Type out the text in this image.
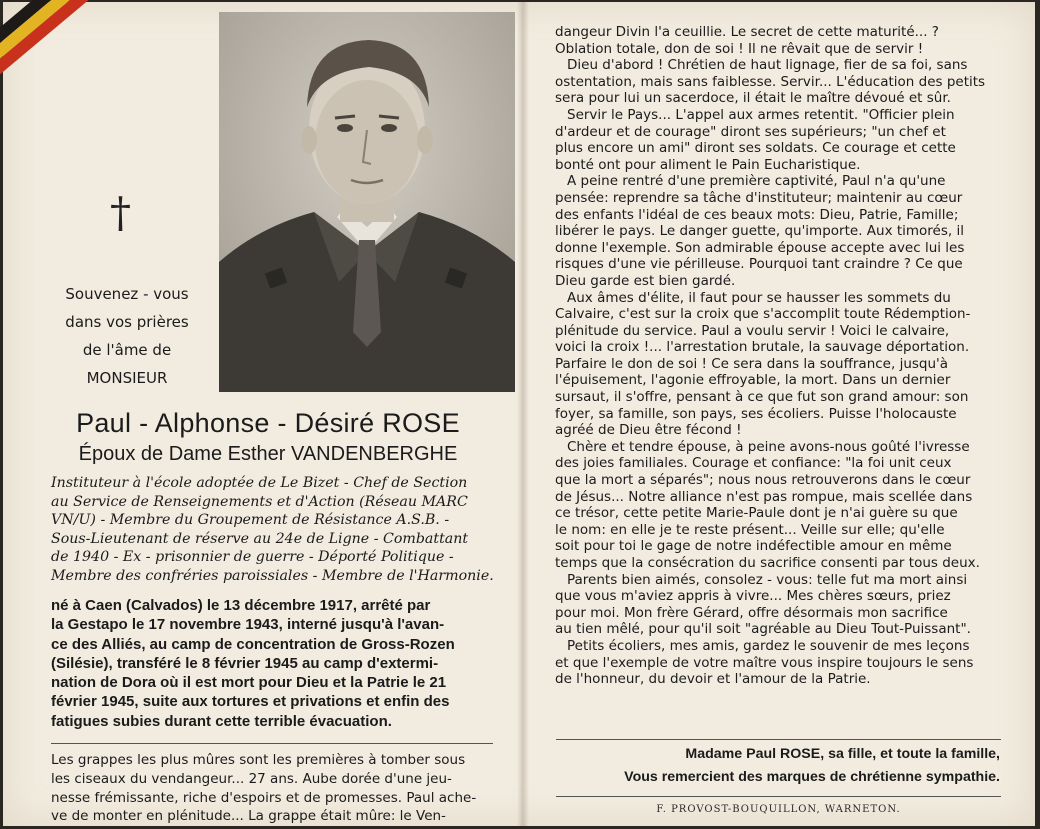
†
Souvenez - vous
dans vos prières
de l'âme de
MONSIEUR
Paul - Alphonse - Désiré ROSE
Époux de Dame Esther VANDENBERGHE
Instituteur à l'école adoptée de Le Bizet - Chef de Section
au Service de Renseignements et d'Action (Réseau MARC
VN/U) - Membre du Groupement de Résistance A.S.B. -
Sous-Lieutenant de réserve au 24e de Ligne - Combattant
de 1940 - Ex - prisonnier de guerre - Déporté Politique -
Membre des confréries paroissiales - Membre de l'Harmonie.
né à Caen (Calvados) le 13 décembre 1917, arrêté par
la Gestapo le 17 novembre 1943, interné jusqu'à l'avan-
ce des Alliés, au camp de concentration de Gross-Rozen
(Silésie), transféré le 8 février 1945 au camp d'extermi-
nation de Dora où il est mort pour Dieu et la Patrie le 21
février 1945, suite aux tortures et privations et enfin des
fatigues subies durant cette terrible évacuation.
Les grappes les plus mûres sont les premières à tomber sous
les ciseaux du vendangeur... 27 ans. Aube dorée d'une jeu-
nesse frémissante, riche d'espoirs et de promesses. Paul ache-
ve de monter en plénitude... La grappe était mûre: le Ven-

dangeur Divin l'a ceuillie. Le secret de cette maturité... ?
Oblation totale, don de soi ! Il ne rêvait que de servir !

Dieu d'abord ! Chrétien de haut lignage, fier de sa foi, sans
ostentation, mais sans faiblesse. Servir... L'éducation des petits
sera pour lui un sacerdoce, il était le maître dévoué et sûr.

Servir le Pays... L'appel aux armes retentit. "Officier plein
d'ardeur et de courage" diront ses supérieurs; "un chef et
plus encore un ami" diront ses soldats. Ce courage et cette
bonté ont pour aliment le Pain Eucharistique.

A peine rentré d'une première captivité, Paul n'a qu'une
pensée: reprendre sa tâche d'instituteur; maintenir au cœur
des enfants l'idéal de ces beaux mots: Dieu, Patrie, Famille;
libérer le pays. Le danger guette, qu'importe. Aux timorés, il
donne l'exemple. Son admirable épouse accepte avec lui les
risques d'une vie périlleuse. Pourquoi tant craindre ? Ce que
Dieu garde est bien gardé.

Aux âmes d'élite, il faut pour se hausser les sommets du
Calvaire, c'est sur la croix que s'accomplit toute Rédemption-
plénitude du service. Paul a voulu servir ! Voici le calvaire,
voici la croix !... l'arrestation brutale, la sauvage déportation.
Parfaire le don de soi ! Ce sera dans la souffrance, jusqu'à
l'épuisement, l'agonie effroyable, la mort. Dans un dernier
sursaut, il s'offre, pensant à ce que fut son grand amour: son
foyer, sa famille, son pays, ses écoliers. Puisse l'holocauste
agréé de Dieu être fécond !

Chère et tendre épouse, à peine avons-nous goûté l'ivresse
des joies familiales. Courage et confiance: "la foi unit ceux
que la mort a séparés"; nous nous retrouverons dans le cœur
de Jésus... Notre alliance n'est pas rompue, mais scellée dans
ce trésor, cette petite Marie-Paule dont je n'ai guère su que
le nom: en elle je te reste présent... Veille sur elle; qu'elle
soit pour toi le gage de notre indéfectible amour en même
temps que la consécration du sacrifice consenti par tous deux.

Parents bien aimés, consolez - vous: telle fut ma mort ainsi
que vous m'aviez appris à vivre... Mes chères sœurs, priez
pour moi. Mon frère Gérard, offre désormais mon sacrifice
au tien mêlé, pour qu'il soit "agréable au Dieu Tout-Puissant".

Petits écoliers, mes amis, gardez le souvenir de mes leçons
et que l'exemple de votre maître vous inspire toujours le sens
de l'honneur, du devoir et l'amour de la Patrie.

Madame Paul ROSE, sa fille, et toute la famille,
Vous remercient des marques de chrétienne sympathie.
F. PROVOST-BOUQUILLON, WARNETON.
